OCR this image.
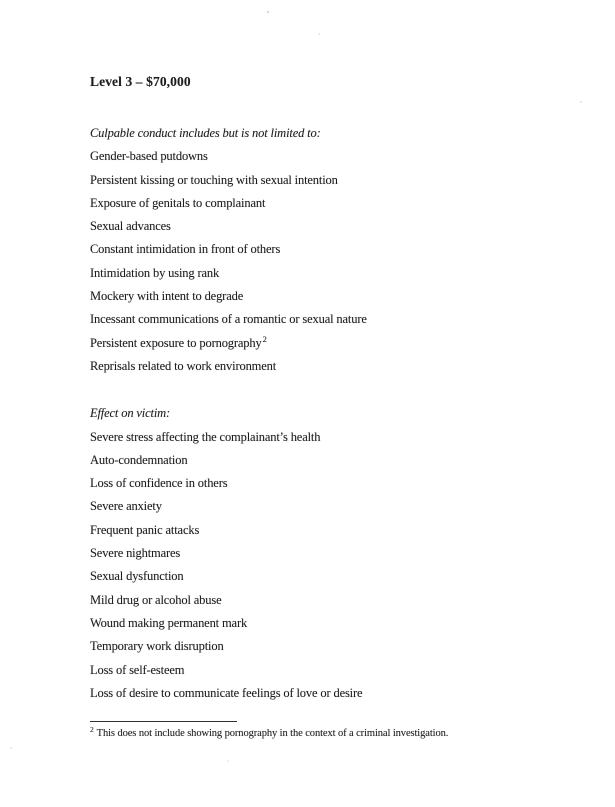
Level 3 – $70,000

Culpable conduct includes but is not limited to:

Gender-based putdowns

Persistent kissing or touching with sexual intention

Exposure of genitals to complainant

Sexual advances

Constant intimidation in front of others

Intimidation by using rank

Mockery with intent to degrade

Incessant communications of a romantic or sexual nature

Persistent exposure to pornography$^2$

Reprisals related to work environment

Effect on victim:

Severe stress affecting the complainant’s health

Auto-condemnation

Loss of confidence in others

Severe anxiety

Frequent panic attacks

Severe nightmares

Sexual dysfunction

Mild drug or alcohol abuse

Wound making permanent mark

Temporary work disruption

Loss of self-esteem

Loss of desire to communicate feelings of love or desire

$^2$ This does not include showing pornography in the context of a criminal investigation.
